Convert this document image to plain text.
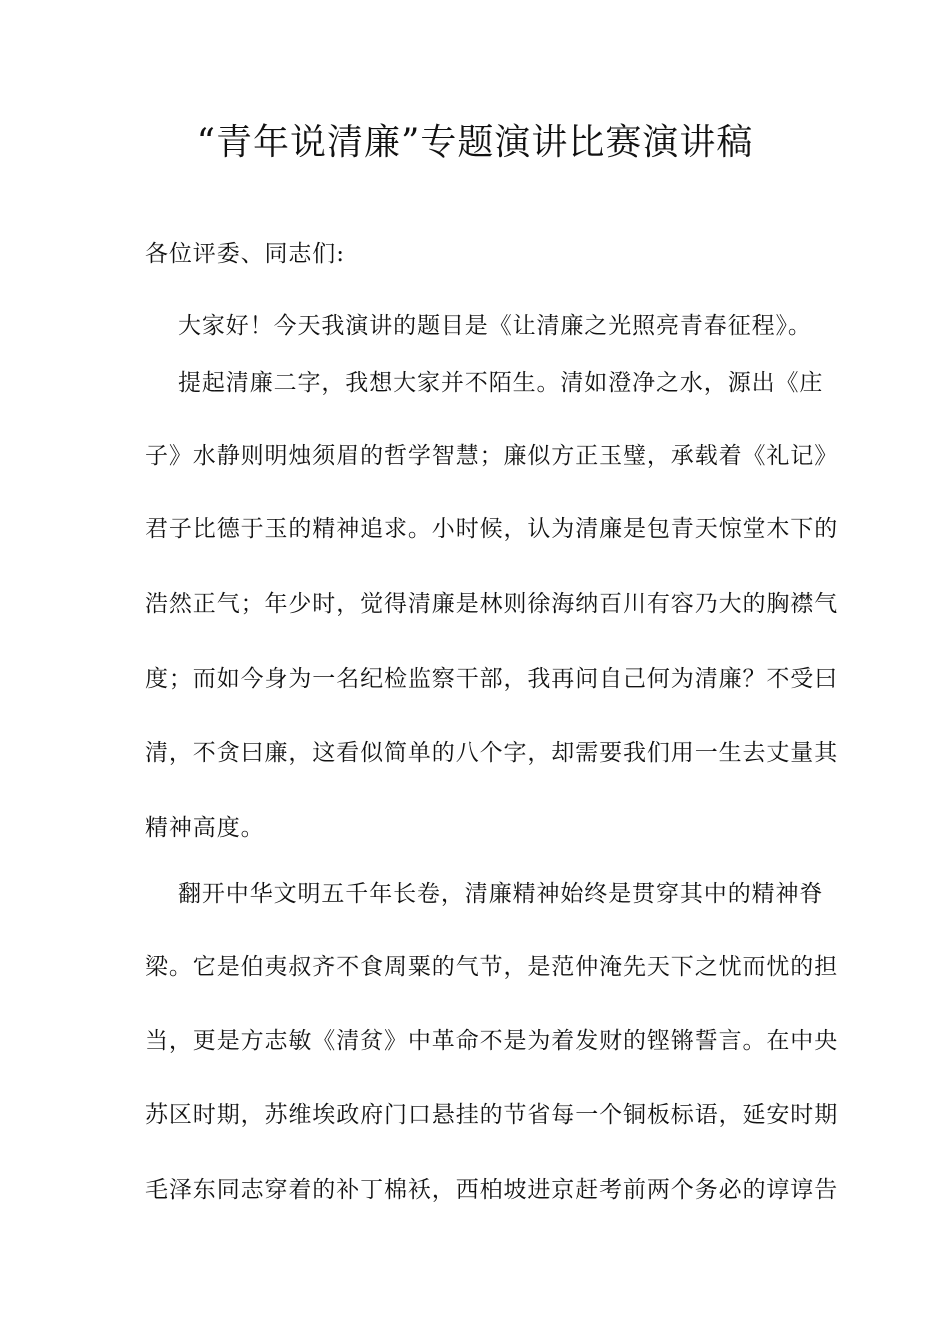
“青年说清廉”专题演讲比赛演讲稿
各位评委、同志们:
大家好！今天我演讲的题目是《让清廉之光照亮青春征程》。
提起清廉二字，我想大家并不陌生。清如澄净之水，源出《庄
子》水静则明烛须眉的哲学智慧；廉似方正玉璧，承载着《礼记》
君子比德于玉的精神追求。小时候，认为清廉是包青天惊堂木下的
浩然正气；年少时，觉得清廉是林则徐海纳百川有容乃大的胸襟气
度；而如今身为一名纪检监察干部，我再问自己何为清廉？不受曰
清，不贪曰廉，这看似简单的八个字，却需要我们用一生去丈量其
精神高度。
翻开中华文明五千年长卷，清廉精神始终是贯穿其中的精神脊
梁。它是伯夷叔齐不食周粟的气节，是范仲淹先天下之忧而忧的担
当，更是方志敏《清贫》中革命不是为着发财的铿锵誓言。在中央
苏区时期，苏维埃政府门口悬挂的节省每一个铜板标语，延安时期
毛泽东同志穿着的补丁棉袄，西柏坡进京赶考前两个务必的谆谆告
